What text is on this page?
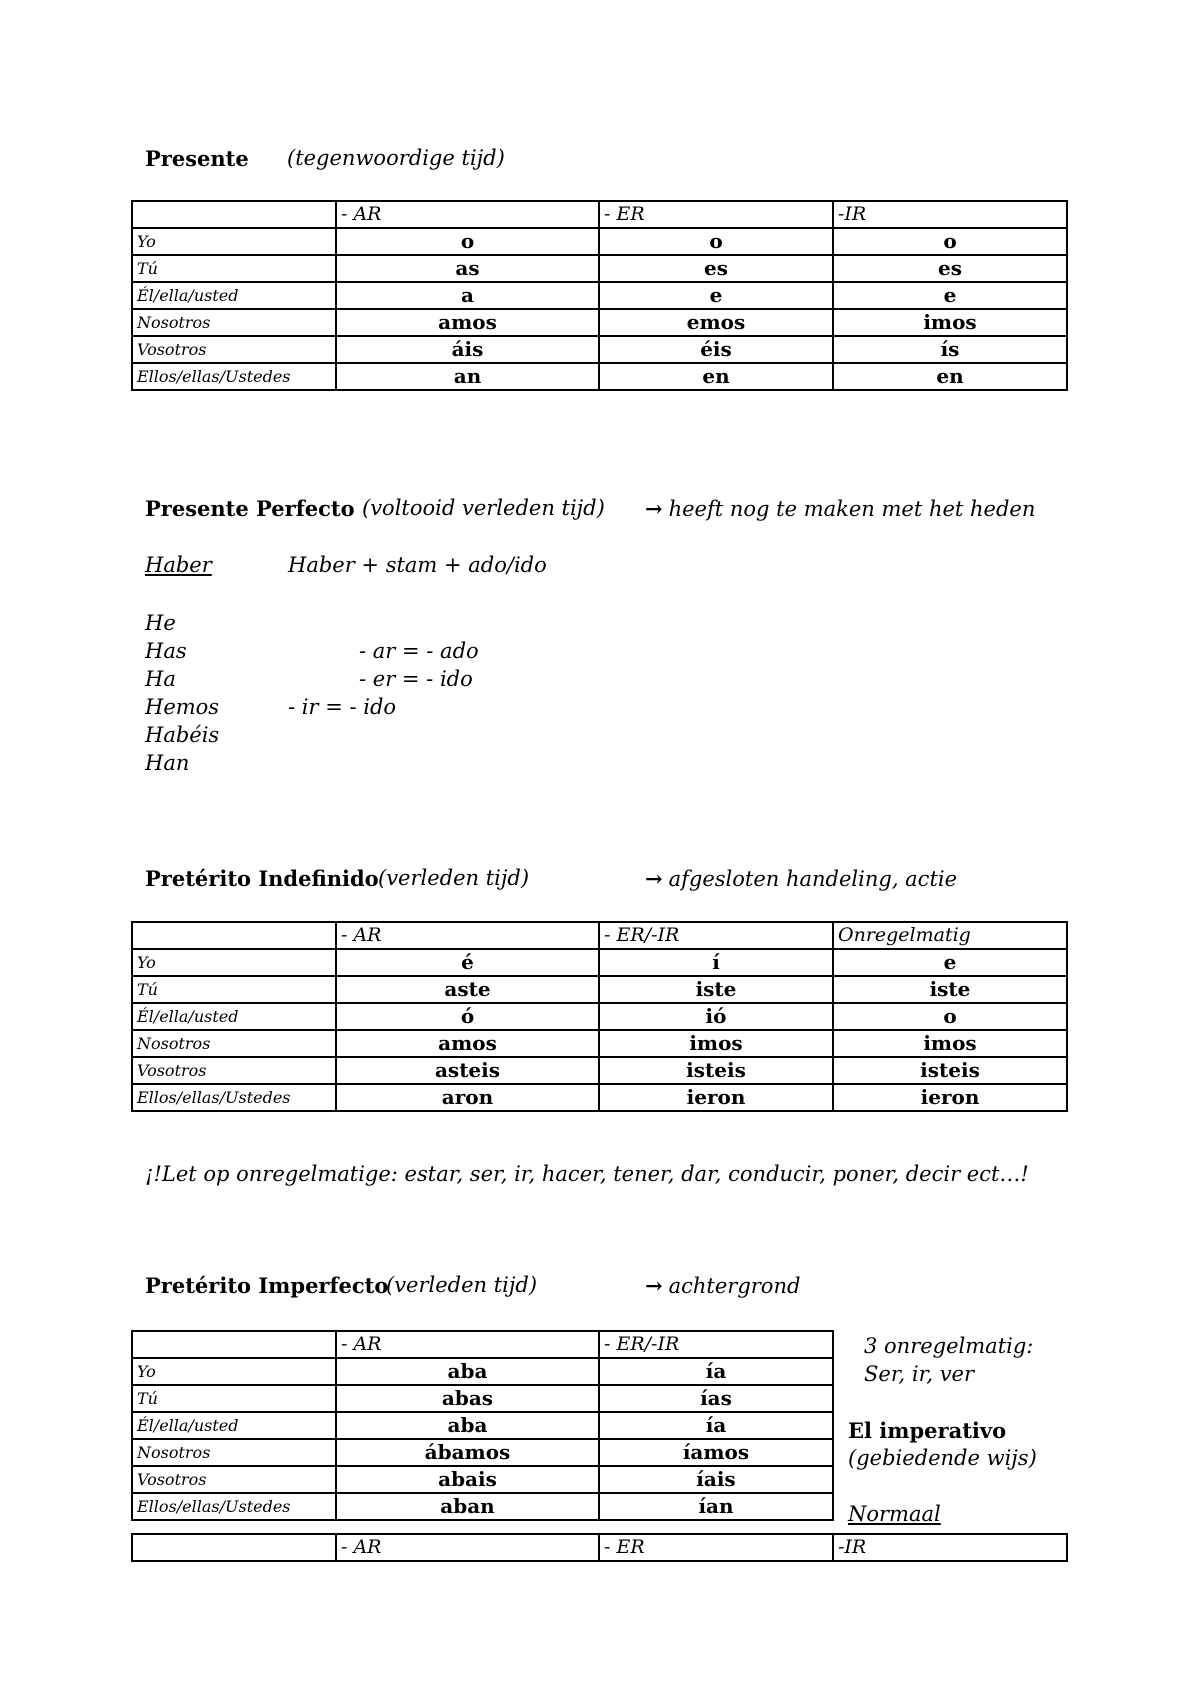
Presente (tegenwoordige tijd)
	- AR	- ER	-IR
Yo	o	o	o
Tú	as	es	es
Él/ella/usted	a	e	e
Nosotros	amos	emos	imos
Vosotros	áis	éis	ís
Ellos/ellas/Ustedes	an	en	en
Presente Perfecto (voltooid verleden tijd) → heeft nog te maken met het heden
Haber	Haber + stam + ado/ido
He
Has
Ha
Hemos
Habéis
Han
- ar = - ado
- er = - ido
- ir = - ido
Pretérito Indefinido (verleden tijd)	→ afgesloten handeling, actie
	- AR	- ER/-IR	Onregelmatig
Yo	é	í	e
Tú	aste	iste	iste
Él/ella/usted	ó	ió	o
Nosotros	amos	imos	imos
Vosotros	asteis	isteis	isteis
Ellos/ellas/Ustedes	aron	ieron	ieron
¡!Let op onregelmatige: estar, ser, ir, hacer, tener, dar, conducir, poner, decir ect…!
Pretérito Imperfecto
(verleden tijd)	→ achtergrond
	- AR	- ER/-IR
Yo	aba	ía
Tú	abas	ías
Él/ella/usted	aba	ía
Nosotros	ábamos	íamos
Vosotros	abais	íais
Ellos/ellas/Ustedes	aban	ían
3 onregelmatig:
Ser, ir, ver
El imperativo
(gebiedende wijs)
Normaal
	- AR	- ER	-IR
